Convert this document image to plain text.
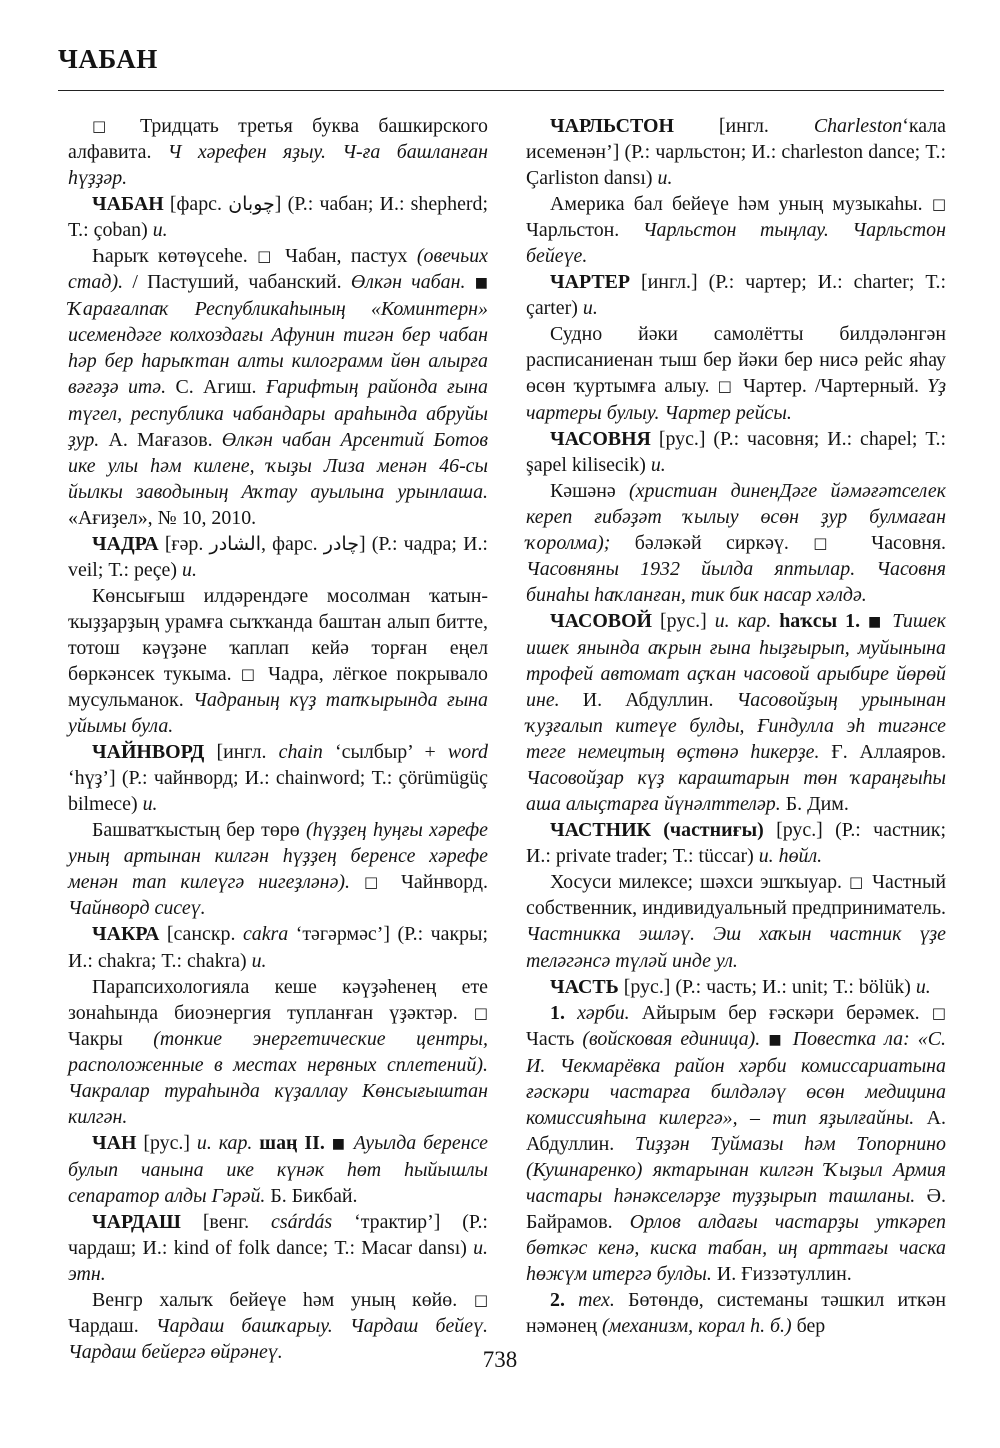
ЧАБАН

□ Тридцать третья буква башкирского алфавита. Ч хәрефен яҙыу. Ч-ға башланған һүҙҙәр.

ЧАБАН [фарс. چوبان] (Р.: чабан; И.: shepherd; Т.: çoban) и.

Һарыҡ көтөүсеһе. □ Чабан, пастух (овечьих стад). / Пастуший, чабанский. Өлкән чабан. ■ Ҡарағалпаҡ Республикаһының «Коминтерн» исемендәге колхоздағы Афунин тигән бер чабан һәр бер һарыҡтан алты килограмм йөн алырға вәғәҙә итә. С. Агиш. Ғарифтың районда ғына түгел, республика чабандары араһында абруйы ҙур. А. Мағазов. Өлкән чабан Арсентий Ботов ике улы һәм килене, ҡыҙы Лиза менән 46-сы йылкы заводының Аҡтау ауылына урынлаша. «Ағиҙел», № 10, 2010.

ЧАДРА [ғәр. الشادر, фарс. چادر] (Р.: чадра; И.: veil; Т.: peçe) и.

Көнсығыш илдәрендәге мосолман ҡатын-ҡыҙҙарҙың урамға сыҡҡанда баштан алып битте, тотош кәүҙәне ҡаплап кейә торған еңел бөркәнсек тукымa. □ Чадра, лёгкое покрывало мусульманок. Чадраның күҙ тапҡырында ғына уйымы була.

ЧАЙНВОРД [ингл. chain ‘сылбыр’ + word ‘һүҙ’] (Р.: чайнворд; И.: chainword; Т.: çörümügüç bilmece) и.

Башватҡыстың бер төрө (һүҙҙең һуңғы хәрефе уның артынан килгән һүҙҙең беренсе хәрефе менән тап килеүгә нигеҙләнә). □ Чайнворд. Чайнворд сисеү.

ЧАКРА [санскр. cakra ‘тәгәрмәс’] (Р.: чакры; И.: chakra; Т.: chakra) и.

Парапсихологияла кеше кәүҙәһенең ете зонаһында биоэнергия тупланған үҙәктәр. □ Чакры (тонкие энергетические центры, расположенные в местах нервных сплетений). Чакралар тураһында күҙаллау Көнсығыштан килгән.

ЧАН [рус.] и. кар. шаң II. ■ Ауылда беренсе булып чанына ике күнәк һөт һыйышлы сепаратор алды Гәрәй. Б. Бикбай.

ЧАРДАШ [венг. csárdás ‘трактир’] (Р.: чардаш; И.: kind of folk dance; Т.: Macar dansı) и. этн.

Венгр халыҡ бейеүе һәм уның көйө. □ Чардаш. Чардаш башҡарыу. Чардаш бейеү. Чардаш бейергә өйрәнеү.

ЧАРЛЬСТОН [ингл. Charleston‘кала исеменән’] (Р.: чарльстон; И.: charleston dance; Т.: Çarliston dansı) и.

Америка бал бейеүе һәм уның музыкаһы. □ Чарльстон. Чарльстон тыңлау. Чарльстон бейеүе.

ЧАРТЕР [ингл.] (Р.: чартер; И.: charter; Т.: çarter) и.

Судно йәки самолётты билдәләнгән расписаниенан тыш бер йәки бер нисә рейс яһау өсөн ҡуртымға алыу. □ Чартер. /Чартерный. Үҙ чартеры булыу. Чартер рейсы.

ЧАСОВНЯ [рус.] (Р.: часовня; И.: chapel; Т.: şapel kilisecik) и.

Кәшәнә (христиан диненДәге йәмәғәтселек кереп ғибәҙәт ҡылыу өсөн ҙур булмаған ҡоролма); бәләкәй сиркәү. □ Часовня. Часовняны 1932 йылда яптылар. Часовня бинаһы һаҡланған, тик бик насар хәлдә.

ЧАСОВОЙ [рус.] и. кар. haҡсы 1. ■ Тишек ишек янында аҡрын ғына һыҙғырып, муйынына трофей автомат аҫҡан часовой арыбире йөрөй ине. И. Абдуллин. Часовойҙың урынынан ҡуҙғалып китеүе булды, Ғиндулла эһ тигәнсе теге немецтың өҫтөнә һикерҙе. Ғ. Аллаяров. Часовойҙар күҙ караштарын төн ҡараңғыһы аша алыҫтарға йүнәлттеләр. Б. Дим.

ЧАСТНИК (частниғы) [рус.] (Р.: частник; И.: private trader; Т.: tüccar) и. һөйл.

Хосуси милексе; шәхси эшҡыуар. □ Частный собственник, индивидуальный предприниматель. Частникка эшләү. Эш хаҡын частник үҙе теләгәнсә түләй инде ул.

ЧАСТЬ [рус.] (Р.: часть; И.: unit; Т.: bölük) и.

1. хәрби. Айырым бер ғәскәри берәмек. □ Часть (войсковая единица). ■ Повестка ла: «С. И. Чекмарёвка район хәрби комиссариатына ғәскәри частарға билдәләү өсөн медицина комиссияһына килергә», – тип яҙылғайны. А. Абдуллин. Тиҙҙән Туймазы һәм Топорнино (Кушнаренко) яктарынан килгән Ҡыҙыл Армия частары һәнәкселәрҙе туҙҙырып ташланы. Ә. Байрамов. Орлов алдағы частарҙы уткәреп бөткәс кенә, киска табан, иң арттағы часка һөжүм итергә булды. И. Ғиззәтуллин.

2. тех. Бөтөндө, системаны тәшкил иткән нәмәнең (механизм, корал һ. б.) бер

738
